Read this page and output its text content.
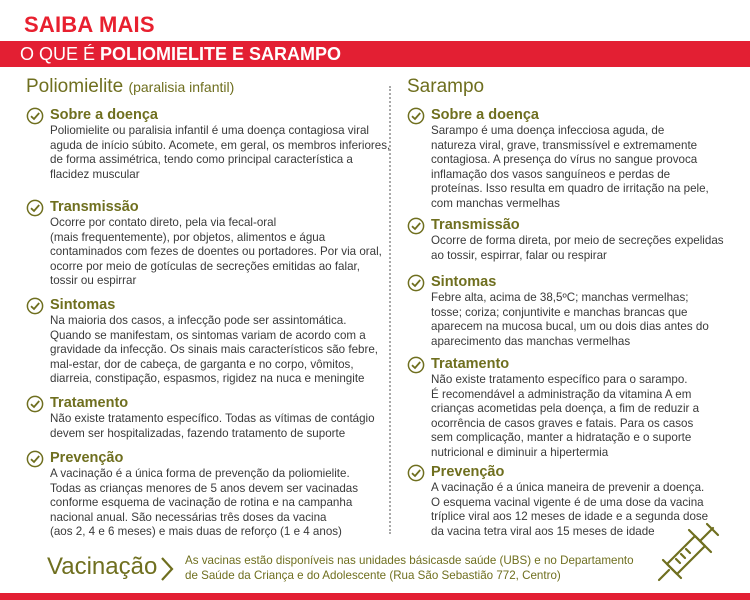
SAIBA MAIS
O QUE É POLIOMIELITE E SARAMPO
Poliomielite (paralisia infantil)
Sobre a doença
Poliomielite ou paralisia infantil é uma doença contagiosa viral
aguda de início súbito. Acomete, em geral, os membros inferiores,
de forma assimétrica, tendo como principal característica a
flacidez muscular
Transmissão
Ocorre por contato direto, pela via fecal-oral
(mais frequentemente), por objetos, alimentos e água
contaminados com fezes de doentes ou portadores. Por via oral,
ocorre por meio de gotículas de secreções emitidas ao falar,
tossir ou espirrar
Sintomas
Na maioria dos casos, a infecção pode ser assintomática.
Quando se manifestam, os sintomas variam de acordo com a
gravidade da infecção. Os sinais mais característicos são febre,
mal-estar, dor de cabeça, de garganta e no corpo, vômitos,
diarreia, constipação, espasmos, rigidez na nuca e meningite
Tratamento
Não existe tratamento específico. Todas as vítimas de contágio
devem ser hospitalizadas, fazendo tratamento de suporte
Prevenção
A vacinação é a única forma de prevenção da poliomielite.
Todas as crianças menores de 5 anos devem ser vacinadas
conforme esquema de vacinação de rotina e na campanha
nacional anual. São necessárias três doses da vacina
(aos 2, 4 e 6 meses) e mais duas de reforço (1 e 4 anos)
Sarampo
Sobre a doença
Sarampo é uma doença infecciosa aguda, de
natureza viral, grave, transmissível e extremamente
contagiosa. A presença do vírus no sangue provoca
inflamação dos vasos sanguíneos e perdas de
proteínas. Isso resulta em quadro de irritação na pele,
com manchas vermelhas
Transmissão
Ocorre de forma direta, por meio de secreções expelidas
ao tossir, espirrar, falar ou respirar
Sintomas
Febre alta, acima de 38,5ºC; manchas vermelhas;
tosse; coriza; conjuntivite e manchas brancas que
aparecem na mucosa bucal, um ou dois dias antes do
aparecimento das manchas vermelhas
Tratamento
Não existe tratamento específico para o sarampo.
É recomendável a administração da vitamina A em
crianças acometidas pela doença, a fim de reduzir a
ocorrência de casos graves e fatais. Para os casos
sem complicação, manter a hidratação e o suporte
nutricional e diminuir a hipertermia
Prevenção
A vacinação é a única maneira de prevenir a doença.
O esquema vacinal vigente é de uma dose da vacina
tríplice viral aos 12 meses de idade e a segunda dose
da vacina tetra viral aos 15 meses de idade
Vacinação As vacinas estão disponíveis nas unidades básicasde saúde (UBS) e no Departamento
de Saúde da Criança e do Adolescente (Rua São Sebastião 772, Centro)
